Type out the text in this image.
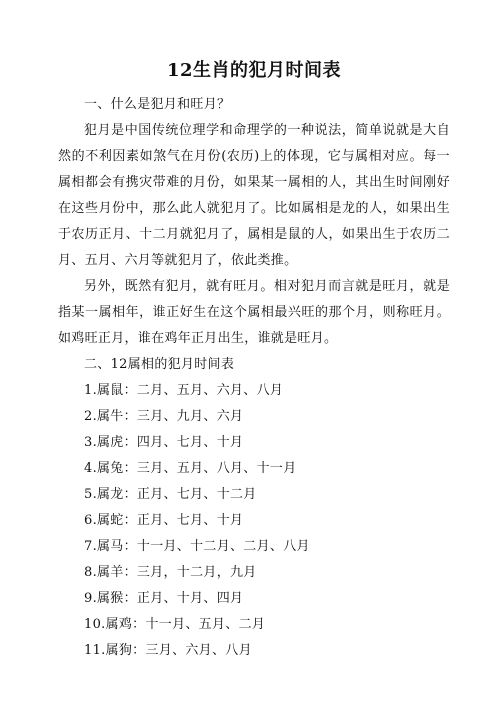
12生肖的犯月时间表

一、什么是犯月和旺月？

犯月是中国传统位理学和命理学的一种说法，简单说就是大自然的不利因素如煞气在月份(农历)上的体现，它与属相对应。每一属相都会有携灾带难的月份，如果某一属相的人，其出生时间刚好在这些月份中，那么此人就犯月了。比如属相是龙的人，如果出生于农历正月、十二月就犯月了，属相是鼠的人，如果出生于农历二月、五月、六月等就犯月了，依此类推。

另外，既然有犯月，就有旺月。相对犯月而言就是旺月，就是指某一属相年，谁正好生在这个属相最兴旺的那个月，则称旺月。如鸡旺正月，谁在鸡年正月出生，谁就是旺月。

二、12属相的犯月时间表

1.属鼠：二月、五月、六月、八月

2.属牛：三月、九月、六月

3.属虎：四月、七月、十月

4.属兔：三月、五月、八月、十一月

5.属龙：正月、七月、十二月

6.属蛇：正月、七月、十月

7.属马：十一月、十二月、二月、八月

8.属羊：三月，十二月，九月

9.属猴：正月、十月、四月

10.属鸡：十一月、五月、二月

11.属狗：三月、六月、八月
